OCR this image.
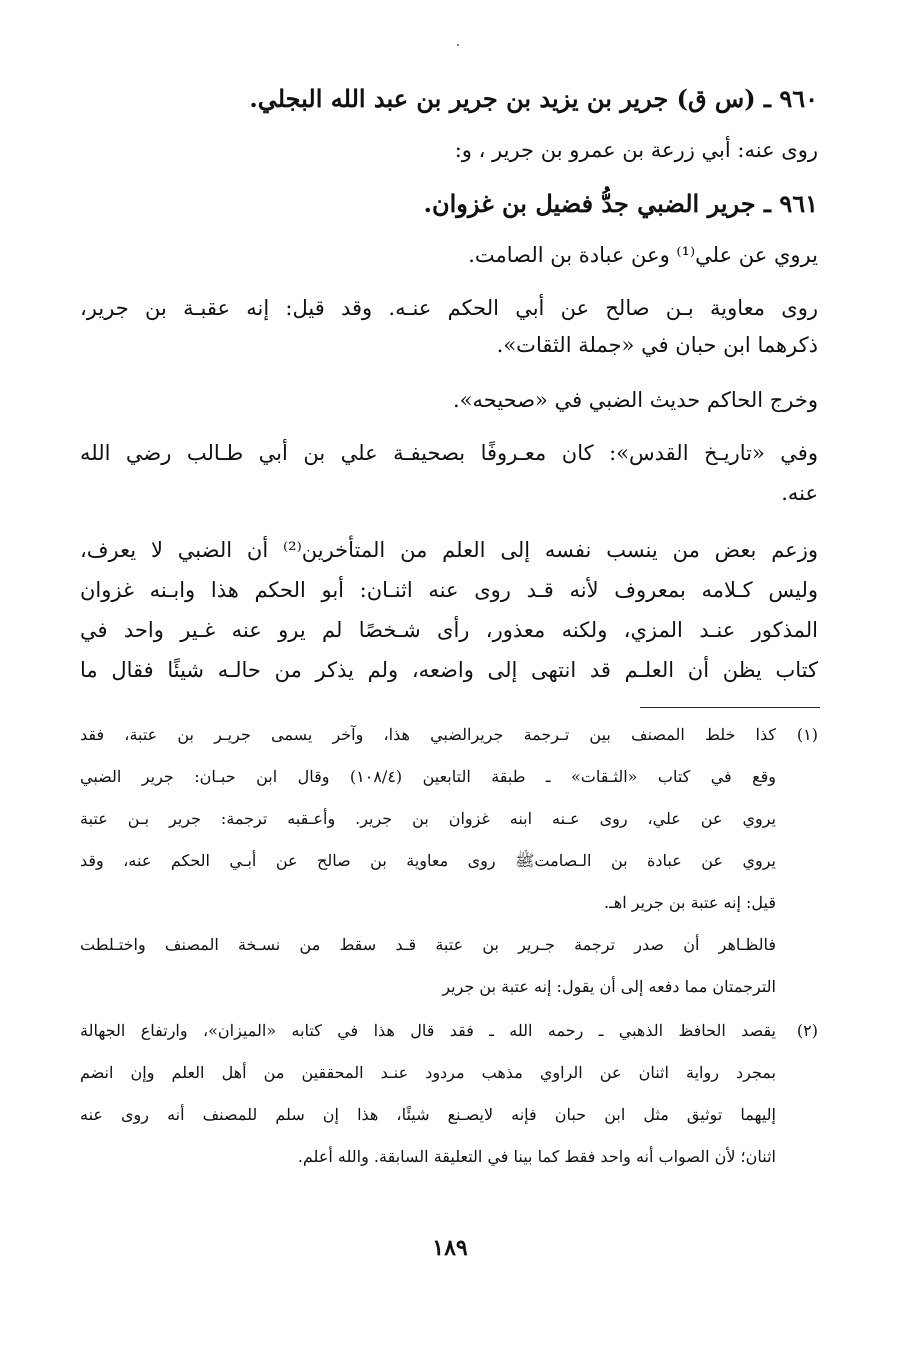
٩٦٠ ـ (س ق) جرير بن يزيد بن جرير بن عبد الله البجلي.
روى عنه: أبي زرعة بن عمرو بن جرير ، و:
٩٦١ ـ جرير الضبي جدُّ فضيل بن غزوان.
يروي عن علي⁽¹⁾ وعن عبادة بن الصامت.
روى معاوية بـن صالح عن أبي الحكم عنـه. وقد قيل: إنه عقبـة بن جرير،
ذكرهما ابن حبان في «جملة الثقات».
وخرج الحاكم حديث الضبي في «صحيحه».
وفي «تاريـخ القدس»: كان معـروفًا بصحيفـة علي بن أبي طـالب رضي الله
عنه.
وزعم بعض من ينسب نفسه إلى العلم من المتأخرين⁽²⁾ أن الضبي لا يعرف،
وليس كـلامه بمعروف لأنه قـد روى عنه اثنـان: أبو الحكم هذا وابـنه غزوان
المذكور عنـد المزي، ولكنه معذور، رأى شـخصًا لم يرو عنه غـير واحد في
كتاب يظن أن العلـم قد انتهى إلى واضعه، ولم يذكر من حالـه شيئًا فقال ما
(١)
كذا خلط المصنف بين تـرجمة جريرالضبي هذا، وآخر يسمى جريـر بن عتبة، فقد
وقع في كتاب «الثـقات» ـ طبقة التابعين (١٠٨/٤) وقال ابن حبـان: جرير الضبي
يروي عن علي، روى عـنه ابنه غزوان بن جرير. وأعـقبه ترجمة: جرير بـن عتبة
يروي عن عبادة بن الـصامتﷺ روى معاوية بن صالح عن أبـي الحكم عنه، وقد
قيل: إنه عتبة بن جرير اهـ.
فالظـاهر أن صدر ترجمة جـرير بن عتبة قـد سقط من نسـخة المصنف واختـلطت
الترجمتان مما دفعه إلى أن يقول: إنه عتبة بن جرير
(٢)
يقصد الحافظ الذهبي ـ رحمه الله ـ فقد قال هذا في كتابه «الميزان»، وارتفاع الجهالة
بمجرد رواية اثنان عن الراوي مذهب مردود عنـد المحققين من أهل العلم وإن انضم
إليهما توثيق مثل ابن حبان فإنه لايصـنع شيئًا، هذا إن سلم للمصنف أنه روى عنه
اثنان؛ لأن الصواب أنه واحد فقط كما بينا في التعليقة السابقة. والله أعلم.
١٨٩
